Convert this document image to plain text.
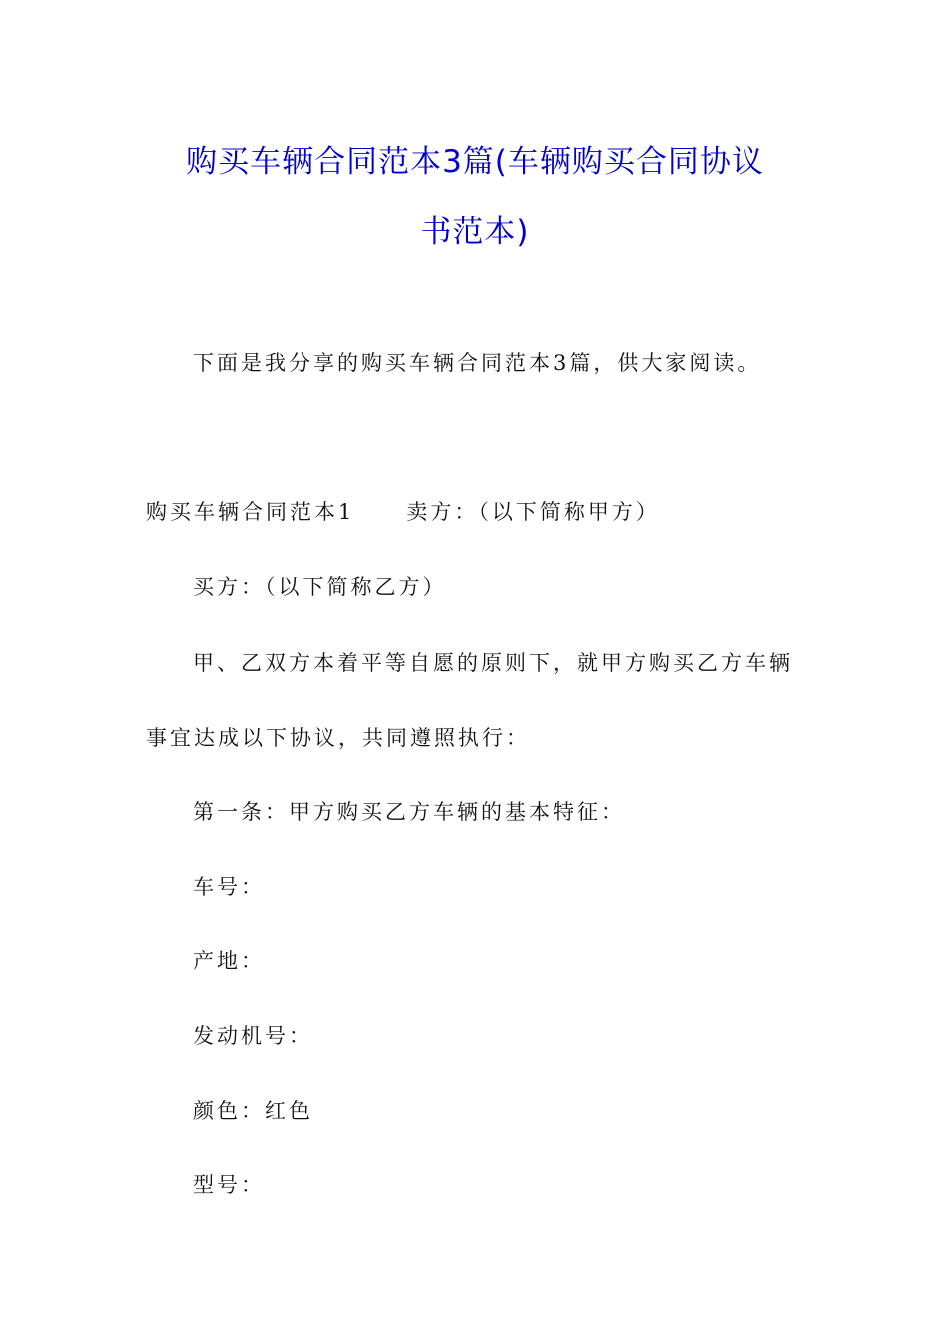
购买车辆合同范本3篇(车辆购买合同协议
书范本)
下面是我分享的购买车辆合同范本3篇，供大家阅读。
购买车辆合同范本1 卖方：（以下简称甲方）
买方：（以下简称乙方）
甲、乙双方本着平等自愿的原则下，就甲方购买乙方车辆
事宜达成以下协议，共同遵照执行：
第一条：甲方购买乙方车辆的基本特征：
车号：
产地：
发动机号：
颜色：红色
型号：
